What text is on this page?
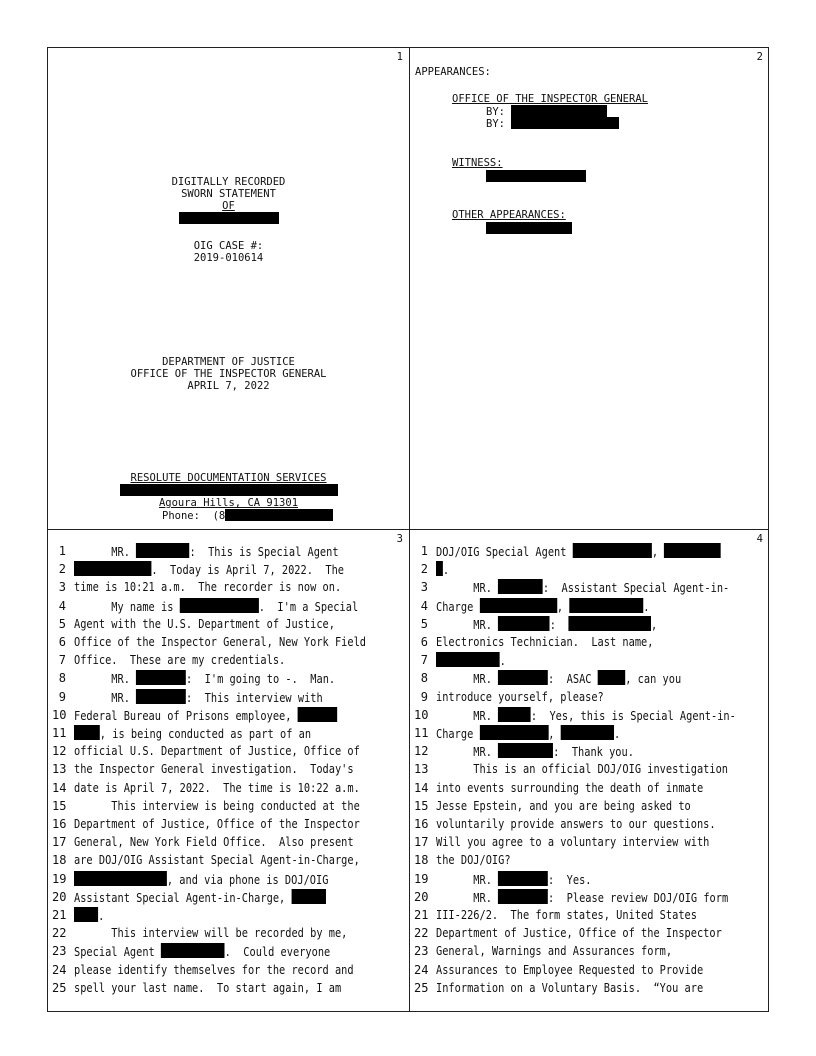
1
DIGITALLY RECORDED
SWORN STATEMENT
OF
OIG CASE #:
2019-010614
DEPARTMENT OF JUSTICE
OFFICE OF THE INSPECTOR GENERAL
APRIL 7, 2022
RESOLUTE DOCUMENTATION SERVICES
Agoura Hills, CA 91301
Phone:  (8
2
APPEARANCES:
OFFICE OF THE INSPECTOR GENERAL
BY:
BY:
WITNESS:
OTHER APPEARANCES:
3
1 MR.	:  This is Special Agent
2	.  Today is April 7, 2022.  The
3 time is 10:21 a.m.  The recorder is now on.
4 My name is	.  I'm a Special
5 Agent with the U.S. Department of Justice,
6 Office of the Inspector General, New York Field
7 Office.  These are my credentials.
8 MR.	:  I'm going to -.  Man.
9 MR.	:  This interview with
10 Federal Bureau of Prisons employee,
11	, is being conducted as part of an
12 official U.S. Department of Justice, Office of
13 the Inspector General investigation.  Today's
14 date is April 7, 2022.  The time is 10:22 a.m.
15 This interview is being conducted at the
16 Department of Justice, Office of the Inspector
17 General, New York Field Office.  Also present
18 are DOJ/OIG Assistant Special Agent-in-Charge,
19	, and via phone is DOJ/OIG
20 Assistant Special Agent-in-Charge,
21	.
22 This interview will be recorded by me,
23 Special Agent	.  Could everyone
24 please identify themselves for the record and
25 spell your last name.  To start again, I am
4
1 DOJ/OIG Special Agent	,
2	.
3 MR.	:  Assistant Special Agent-in-
4 Charge	,	.
5 MR.	:	,
6 Electronics Technician.  Last name,
7	.
8 MR.	:  ASAC , can you
9 introduce yourself, please?
10 MR.	:  Yes, this is Special Agent-in-
11 Charge	,	.
12 MR.	:  Thank you.
13 This is an official DOJ/OIG investigation
14 into events surrounding the death of inmate
15 Jesse Epstein, and you are being asked to
16 voluntarily provide answers to our questions.
17 Will you agree to a voluntary interview with
18 the DOJ/OIG?
19 MR.	:  Yes.
20 MR.	:  Please review DOJ/OIG form
21 III-226/2.  The form states, United States
22 Department of Justice, Office of the Inspector
23 General, Warnings and Assurances form,
24 Assurances to Employee Requested to Provide
25 Information on a Voluntary Basis.  “You are
